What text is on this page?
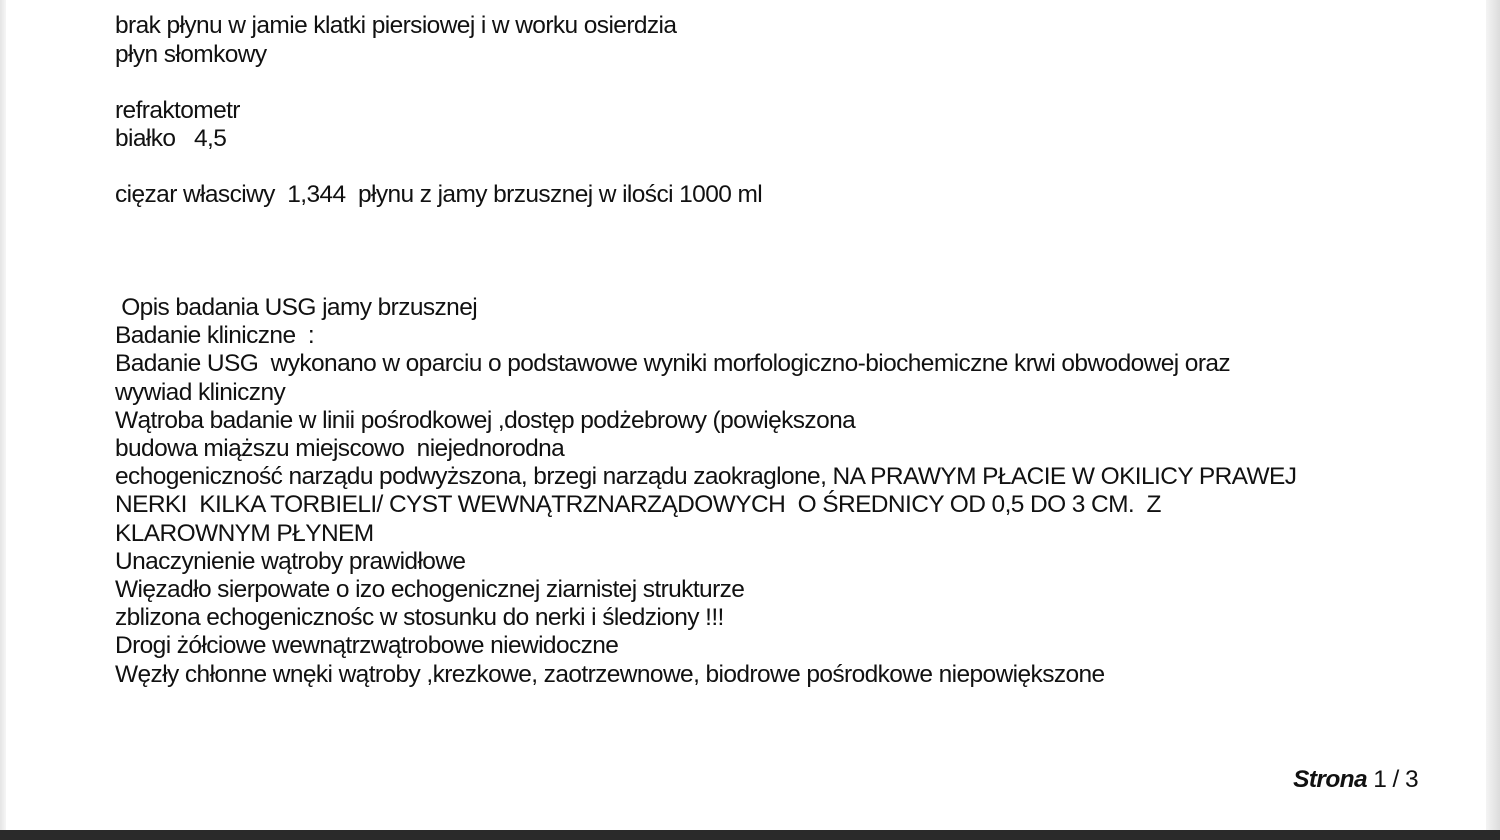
brak płynu w jamie klatki piersiowej i w worku osierdzia
płyn słomkowy
refraktometr
białko   4,5
cięzar własciwy  1,344  płynu z jamy brzusznej w ilości 1000 ml
Opis badania USG jamy brzusznej
Badanie kliniczne  :
Badanie USG  wykonano w oparciu o podstawowe wyniki morfologiczno-biochemiczne krwi obwodowej oraz
wywiad kliniczny
Wątroba badanie w linii pośrodkowej ,dostęp podżebrowy (powiększona
budowa miąższu miejscowo  niejednorodna
echogeniczność narządu podwyższona, brzegi narządu zaokraglone, NA PRAWYM PŁACIE W OKILICY PRAWEJ
NERKI  KILKA TORBIELI/ CYST WEWNĄTRZNARZĄDOWYCH  O ŚREDNICY OD 0,5 DO 3 CM.  Z
KLAROWNYM PŁYNEM
Unaczynienie wątroby prawidłowe
Więzadło sierpowate o izo echogenicznej ziarnistej strukturze
zblizona echogenicznośc w stosunku do nerki i śledziony !!!
Drogi żółciowe wewnątrzwątrobowe niewidoczne
Węzły chłonne wnęki wątroby ,krezkowe, zaotrzewnowe, biodrowe pośrodkowe niepowiększone
Strona 1 / 3
